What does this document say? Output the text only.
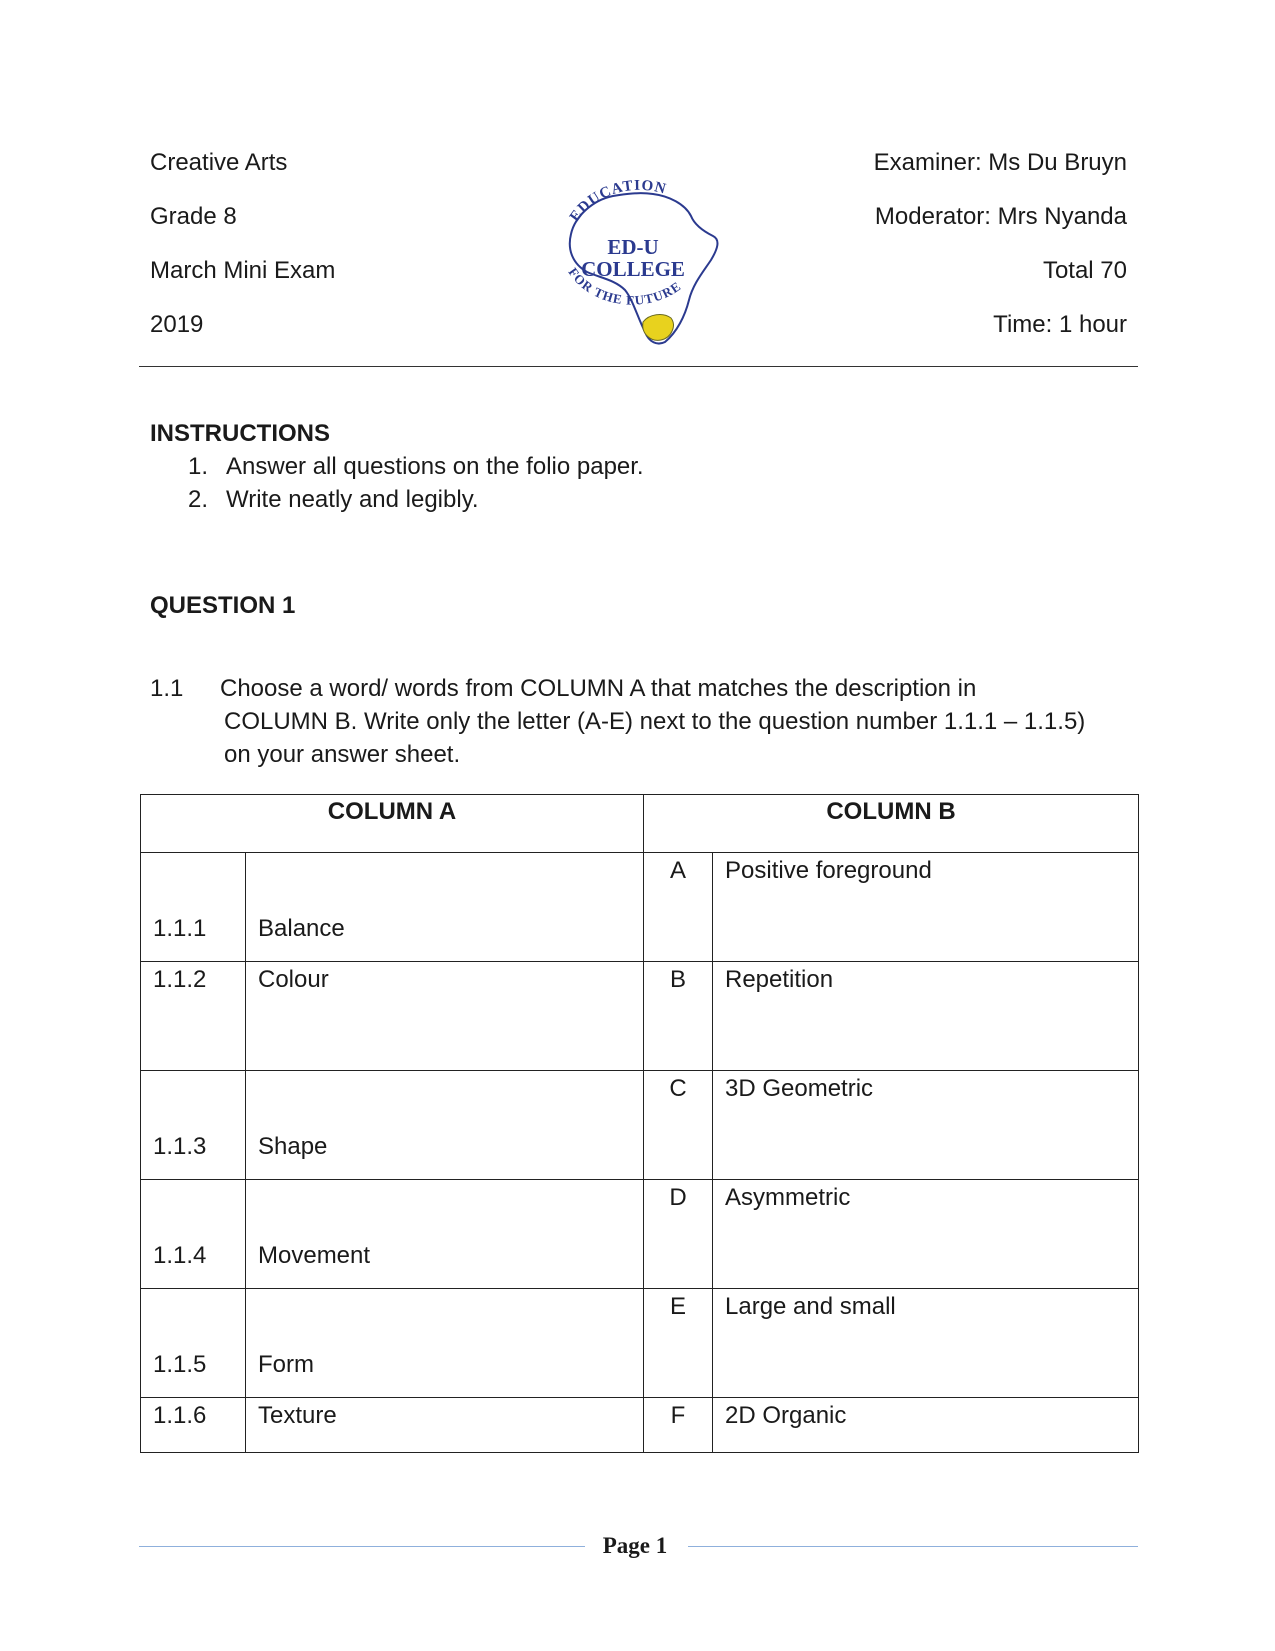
Creative Arts
Grade 8
March Mini Exam
2019
Examiner: Ms Du Bruyn
Moderator: Mrs Nyanda
Total 70
Time: 1 hour
EDUCATION
ED-U
COLLEGE
FOR THE FUTURE
INSTRUCTIONS
1. Answer all questions on the folio paper.
2. Write neatly and legibly.
QUESTION 1
1.1 Choose a word/ words from COLUMN A that matches the description in
COLUMN B. Write only the letter (A-E) next to the question number 1.1.1 – 1.1.5)
on your answer sheet.
COLUMN A		COLUMN B	

1.1.1	Balance	A	Positive foreground

1.1.2	Colour	B	Repetition

1.1.3	Shape	C	3D Geometric

1.1.4	Movement	D	Asymmetric

1.1.5	Form	E	Large and small

1.1.6	Texture	F	2D Organic
Page 1
